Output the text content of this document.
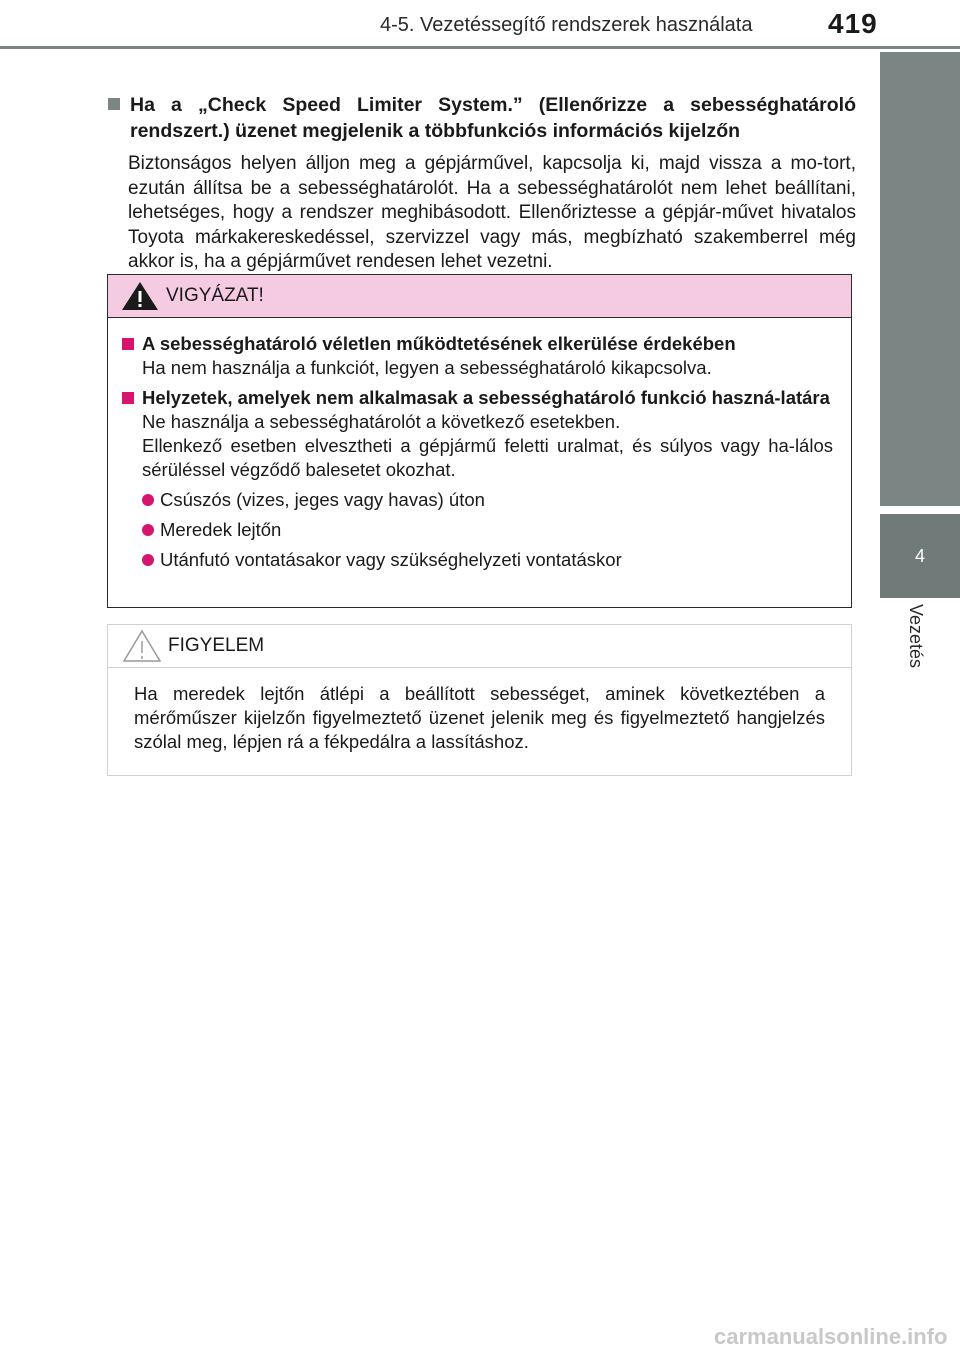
4-5. Vezetéssegítő rendszerek használata	419
4
Vezetés
Ha a „Check Speed Limiter System.” (Ellenőrizze a sebességhatároló rendszert.) üzenet megjelenik a többfunkciós információs kijelzőn
Biztonságos helyen álljon meg a gépjárművel, kapcsolja ki, majd vissza a mo-tort, ezután állítsa be a sebességhatárolót. Ha a sebességhatárolót nem lehet beállítani, lehetséges, hogy a rendszer meghibásodott. Ellenőriztesse a gépjár-művet hivatalos Toyota márkakereskedéssel, szervizzel vagy más, megbízható szakemberrel még akkor is, ha a gépjárművet rendesen lehet vezetni.
VIGYÁZAT!
A sebességhatároló véletlen működtetésének elkerülése érdekében
Ha nem használja a funkciót, legyen a sebességhatároló kikapcsolva.
Helyzetek, amelyek nem alkalmasak a sebességhatároló funkció haszná-latára
Ne használja a sebességhatárolót a következő esetekben.
Ellenkező esetben elvesztheti a gépjármű feletti uralmat, és súlyos vagy ha-lálos sérüléssel végződő balesetet okozhat.
Csúszós (vizes, jeges vagy havas) úton
Meredek lejtőn
Utánfutó vontatásakor vagy szükséghelyzeti vontatáskor
FIGYELEM
Ha meredek lejtőn átlépi a beállított sebességet, aminek következtében a mérőműszer kijelzőn figyelmeztető üzenet jelenik meg és figyelmeztető hangjelzés szólal meg, lépjen rá a fékpedálra a lassításhoz.
carmanualsonline.info
